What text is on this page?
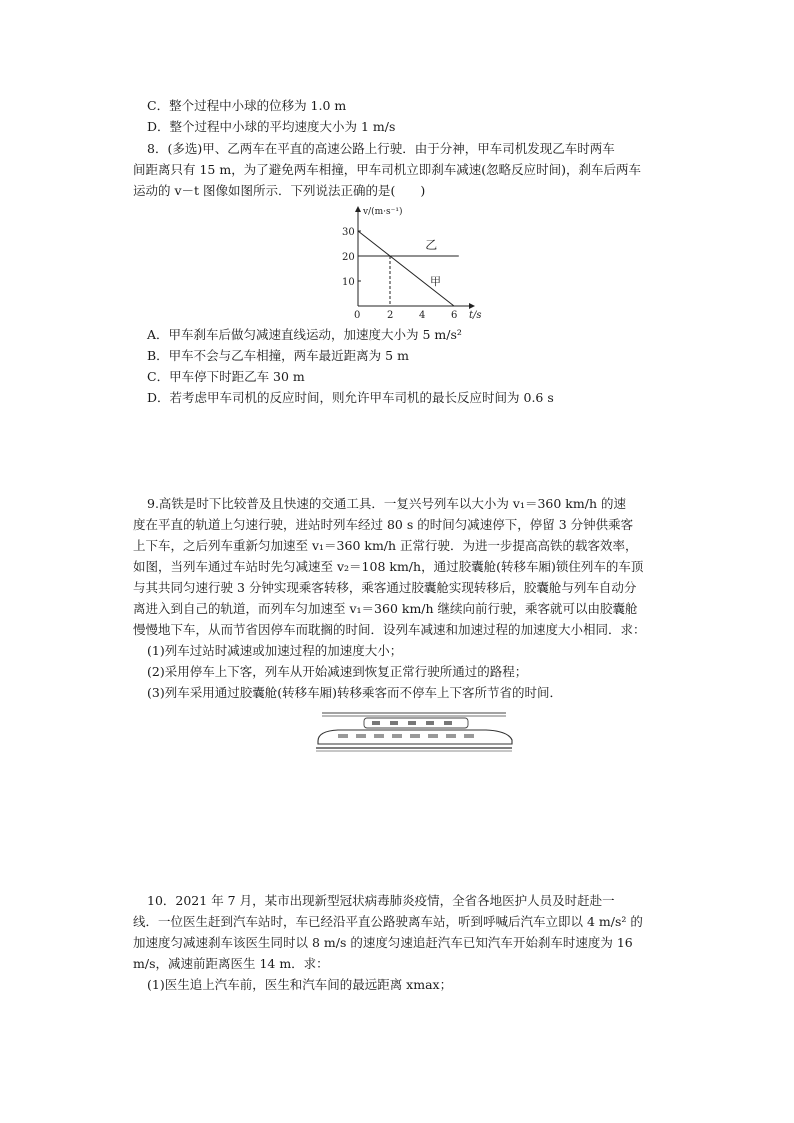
C．整个过程中小球的位移为 1.0 m
D．整个过程中小球的平均速度大小为 1 m/s
8．(多选)甲、乙两车在平直的高速公路上行驶．由于分神，甲车司机发现乙车时两车
间距离只有 15 m，为了避免两车相撞，甲车司机立即刹车减速(忽略反应时间)，刹车后两车
运动的 v－t 图像如图所示．下列说法正确的是(　　)
v/(m·s⁻¹)
t/s
0	2	4	6
10
20
30
乙
甲
A．甲车刹车后做匀减速直线运动，加速度大小为 5 m/s²
B．甲车不会与乙车相撞，两车最近距离为 5 m
C．甲车停下时距乙车 30 m
D．若考虑甲车司机的反应时间，则允许甲车司机的最长反应时间为 0.6 s
9.高铁是时下比较普及且快速的交通工具．一复兴号列车以大小为 v₁＝360 km/h 的速
度在平直的轨道上匀速行驶，进站时列车经过 80 s 的时间匀减速停下，停留 3 分钟供乘客
上下车，之后列车重新匀加速至 v₁＝360 km/h 正常行驶．为进一步提高高铁的载客效率，
如图，当列车通过车站时先匀减速至 v₂＝108 km/h，通过胶囊舱(转移车厢)锁住列车的车顶
与其共同匀速行驶 3 分钟实现乘客转移，乘客通过胶囊舱实现转移后，胶囊舱与列车自动分
离进入到自己的轨道，而列车匀加速至 v₁＝360 km/h 继续向前行驶，乘客就可以由胶囊舱
慢慢地下车，从而节省因停车而耽搁的时间．设列车减速和加速过程的加速度大小相同．求：
(1)列车过站时减速或加速过程的加速度大小；
(2)采用停车上下客，列车从开始减速到恢复正常行驶所通过的路程；
(3)列车采用通过胶囊舱(转移车厢)转移乘客而不停车上下客所节省的时间．
10．2021 年 7 月，某市出现新型冠状病毒肺炎疫情，全省各地医护人员及时赶赴一
线．一位医生赶到汽车站时，车已经沿平直公路驶离车站，听到呼喊后汽车立即以 4 m/s² 的
加速度匀减速刹车该医生同时以 8 m/s 的速度匀速追赶汽车已知汽车开始刹车时速度为 16
m/s，减速前距离医生 14 m．求：
(1)医生追上汽车前，医生和汽车间的最远距离 xmax；
